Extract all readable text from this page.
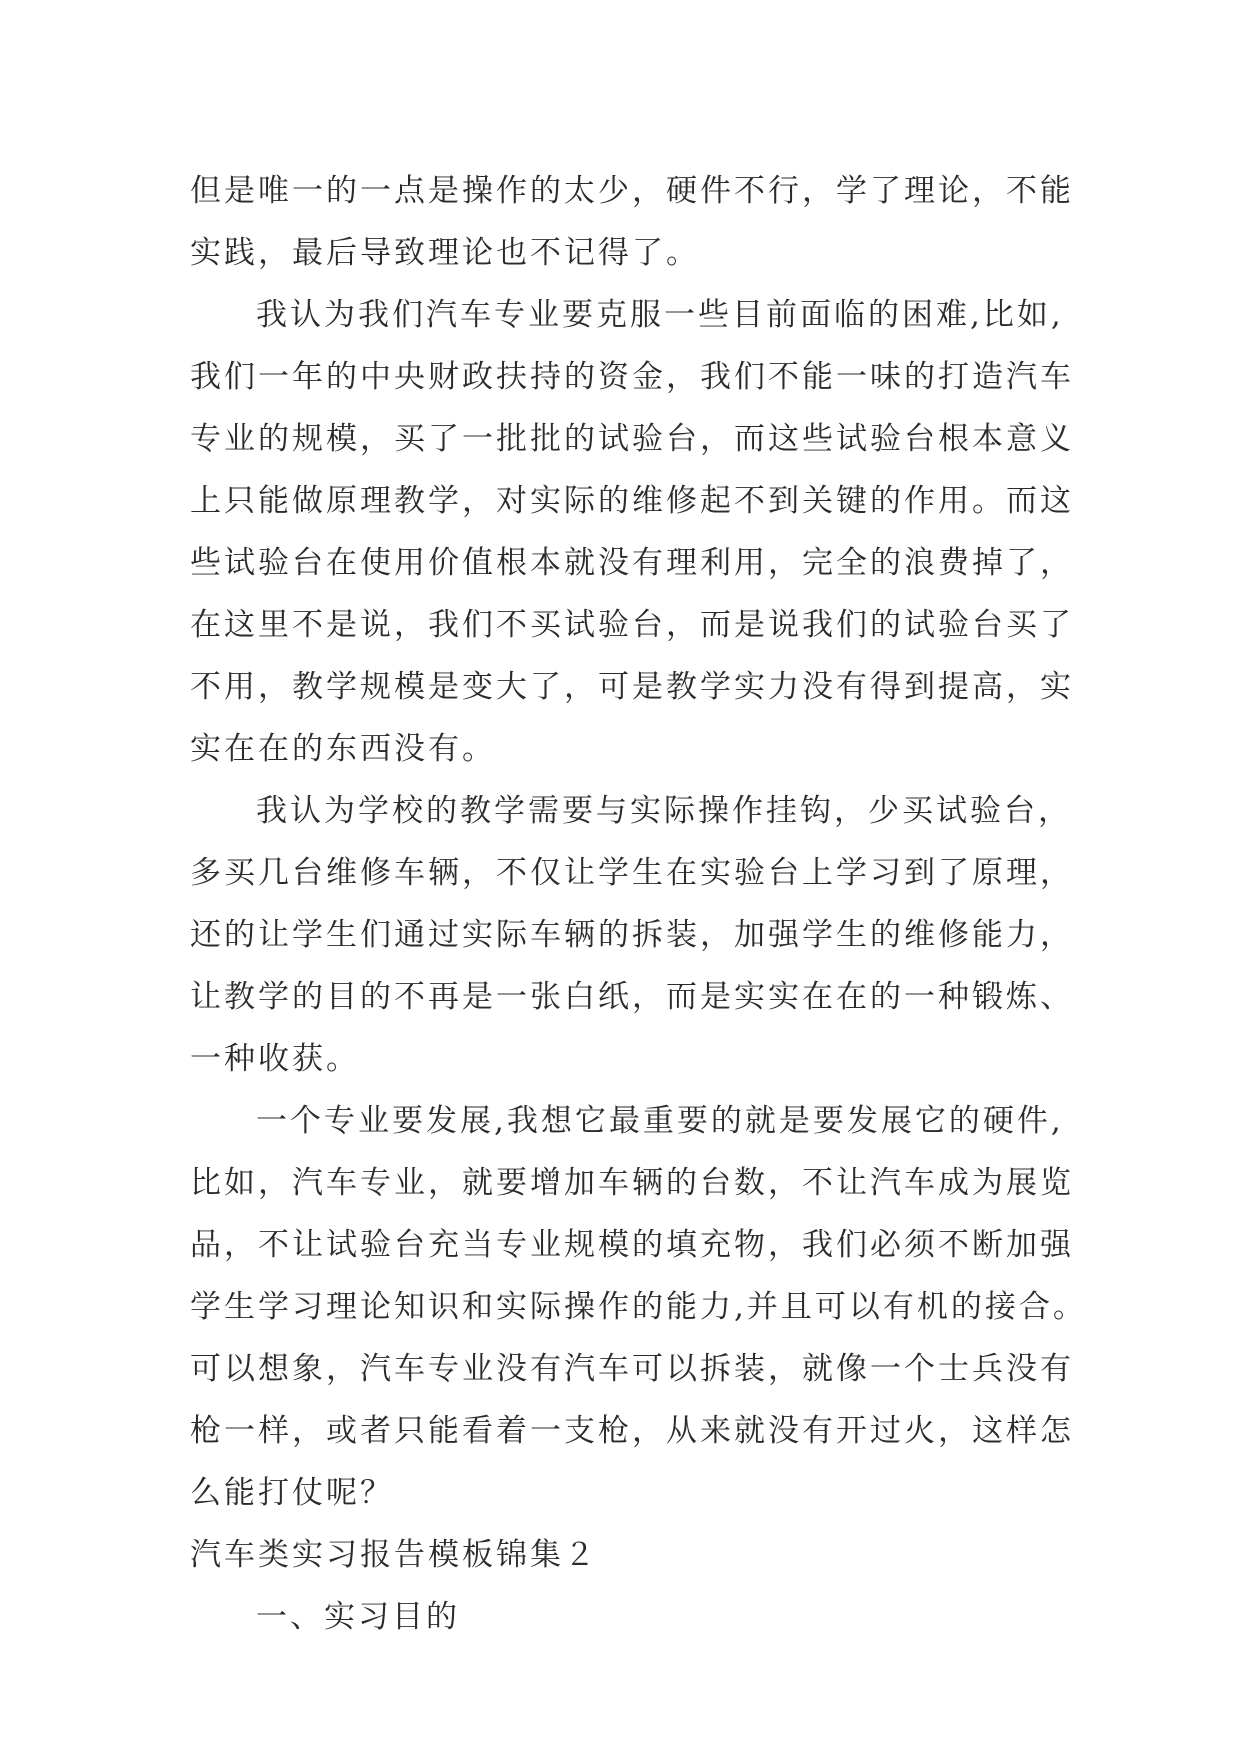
但是唯一的一点是操作的太少，硬件不行，学了理论，不能
实践，最后导致理论也不记得了。

我认为我们汽车专业要克服一些目前面临的困难,比如,
我们一年的中央财政扶持的资金，我们不能一味的打造汽车
专业的规模，买了一批批的试验台，而这些试验台根本意义
上只能做原理教学，对实际的维修起不到关键的作用。而这
些试验台在使用价值根本就没有理利用，完全的浪费掉了，
在这里不是说，我们不买试验台，而是说我们的试验台买了
不用，教学规模是变大了，可是教学实力没有得到提高，实
实在在的东西没有。

我认为学校的教学需要与实际操作挂钩，少买试验台，
多买几台维修车辆，不仅让学生在实验台上学习到了原理，
还的让学生们通过实际车辆的拆装，加强学生的维修能力，
让教学的目的不再是一张白纸，而是实实在在的一种锻炼、
一种收获。

一个专业要发展,我想它最重要的就是要发展它的硬件,
比如，汽车专业，就要增加车辆的台数，不让汽车成为展览
品，不让试验台充当专业规模的填充物，我们必须不断加强
学生学习理论知识和实际操作的能力,并且可以有机的接合。
可以想象，汽车专业没有汽车可以拆装，就像一个士兵没有
枪一样，或者只能看着一支枪，从来就没有开过火，这样怎
么能打仗呢？

汽车类实习报告模板锦集２

一、实习目的
